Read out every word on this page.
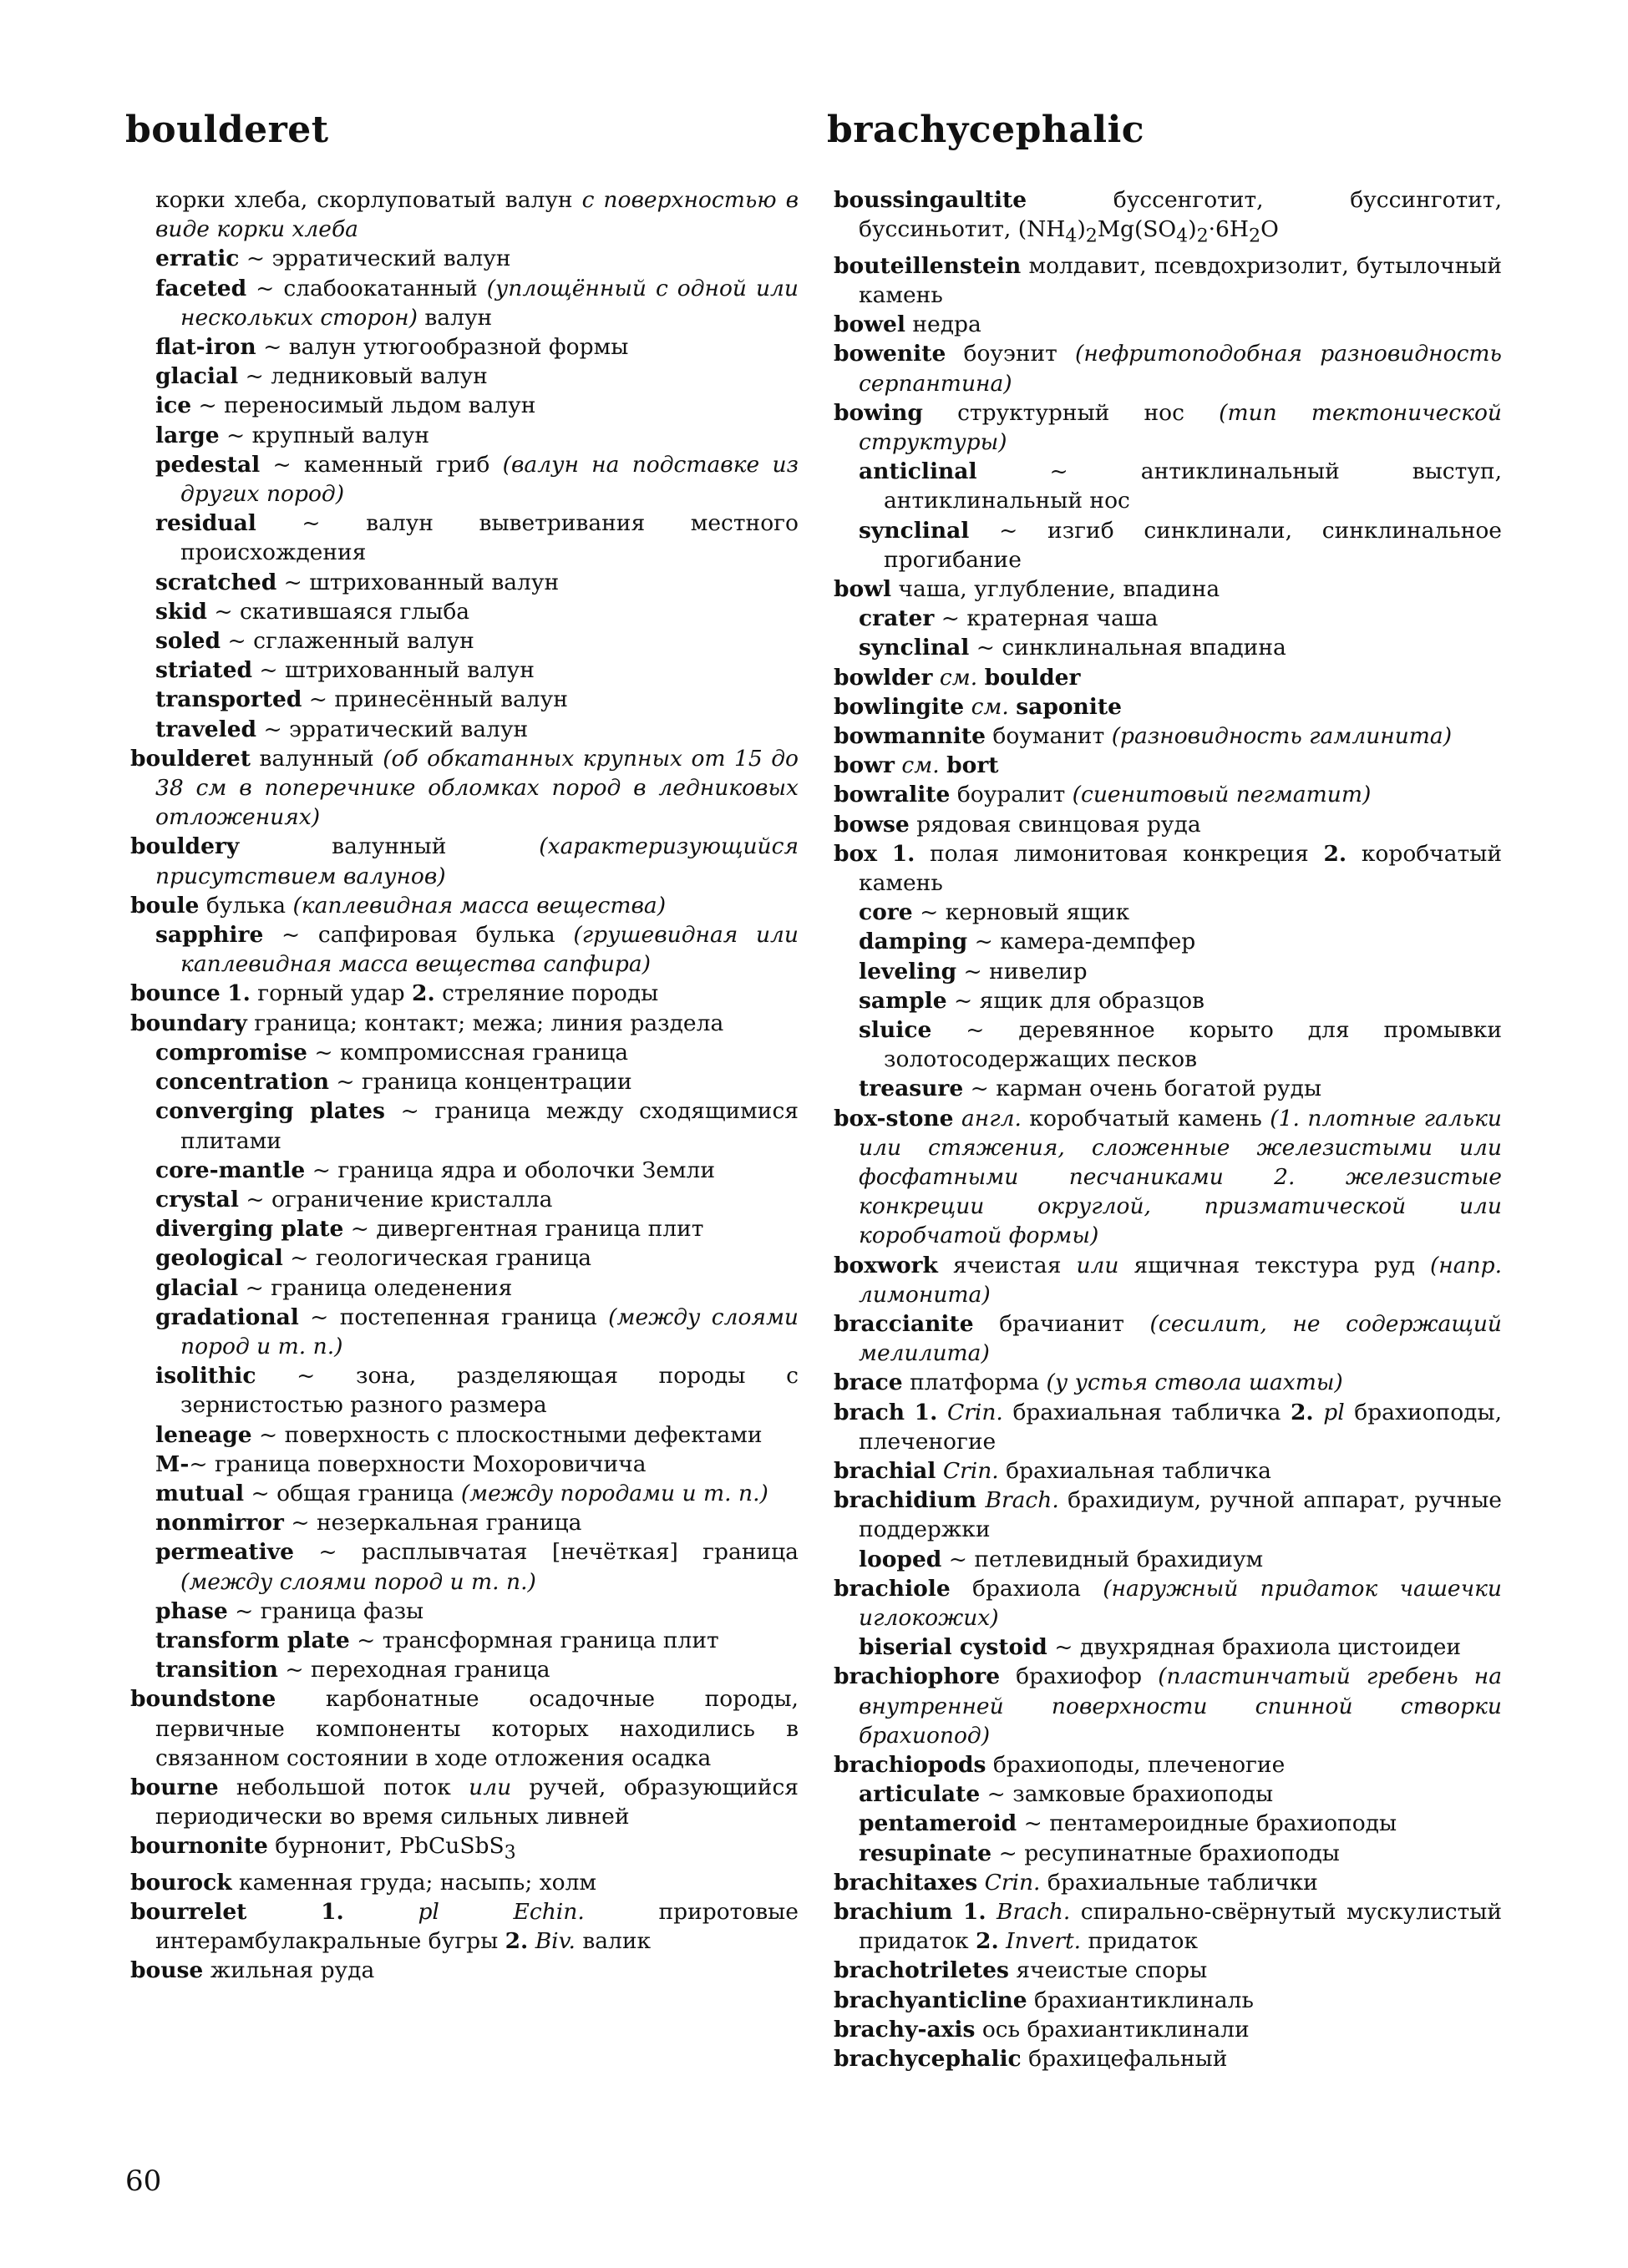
boulderet	brachycephalic
корки хлеба, скорлуповатый валун с поверхностью в виде корки хлеба
erratic ~ эрратический валун
faceted ~ слабоокатанный (уплощённый с одной или нескольких сторон) валун
flat-iron ~ валун утюгообразной формы
glacial ~ ледниковый валун
ice ~ переносимый льдом валун
large ~ крупный валун
pedestal ~ каменный гриб (валун на подставке из других пород)
residual ~ валун выветривания местного происхождения
scratched ~ штрихованный валун
skid ~ скатившаяся глыба
soled ~ сглаженный валун
striated ~ штрихованный валун
transported ~ принесённый валун
traveled ~ эрратический валун
boulderet валунный (об обкатанных крупных от 15 до 38 см в поперечнике обломках пород в ледниковых отложениях)
bouldery валунный (характеризующийся присутствием валунов)
boule булька (каплевидная масса вещества)
sapphire ~ сапфировая булька (грушевидная или каплевидная масса вещества сапфира)
bounce 1. горный удар 2. стреляние породы
boundary граница; контакт; межа; линия раздела
compromise ~ компромиссная граница
concentration ~ граница концентрации
converging plates ~ граница между сходящимися плитами
core-mantle ~ граница ядра и оболочки Земли
crystal ~ ограничение кристалла
diverging plate ~ дивергентная граница плит
geological ~ геологическая граница
glacial ~ граница оледенения
gradational ~ постепенная граница (между слоями пород и т. п.)
isolithic ~ зона, разделяющая породы с зернистостью разного размера
leneage ~ поверхность с плоскостными дефектами
M-~ граница поверхности Мохоровичича
mutual ~ общая граница (между породами и т. п.)
nonmirror ~ незеркальная граница
permeative ~ расплывчатая [нечёткая] граница (между слоями пород и т. п.)
phase ~ граница фазы
transform plate ~ трансформная граница плит
transition ~ переходная граница
boundstone карбонатные осадочные породы, первичные компоненты которых находились в связанном состоянии в ходе отложения осадка
bourne небольшой поток или ручей, образующийся периодически во время сильных ливней
bournonite бурнонит, PbCuSbS$_3$
bourock каменная груда; насыпь; холм
bourrelet	1.	pl Echin. приротовые интерамбулакральные бугры 2. Biv. валик
bouse жильная руда
boussingaultite буссенготит, буссинготит, буссиньотит, $(NH_4)_2Mg(SO_4)_2\cdot 6H_2O$
bouteillenstein молдавит, псевдохризолит, бутылочный камень
bowel недра
bowenite боуэнит (нефритоподобная разновидность серпантина)
bowing структурный нос (тип тектонической структуры)
anticlinal ~ антиклинальный выступ, антиклинальный нос
synclinal ~ изгиб синклинали, синклинальное прогибание
bowl чаша, углубление, впадина
crater ~ кратерная чаша
synclinal ~ синклинальная впадина
bowlder см. boulder
bowlingite см. saponite
bowmannite боуманит (разновидность гамлинита)
bowr см. bort
bowralite боуралит (сиенитовый пегматит)
bowse рядовая свинцовая руда
box 1. полая лимонитовая конкреция 2. коробчатый камень
core ~ керновый ящик
damping ~ камера-демпфер
leveling ~ нивелир
sample ~ ящик для образцов
sluice ~ деревянное корыто для промывки золотосодержащих песков
treasure ~ карман очень богатой руды
box-stone англ. коробчатый камень (1. плотные гальки или стяжения, сложенные железистыми или фосфатными песчаниками 2. железистые конкреции округлой, призматической или коробчатой формы)
boxwork ячеистая или ящичная текстура руд (напр. лимонита)
braccianite брачианит (сесилит, не содержащий мелилита)
brace платформа (у устья ствола шахты)
brach 1. Crin. брахиальная табличка 2. pl брахиоподы, плеченогие
brachial Crin. брахиальная табличка
brachidium Brach. брахидиум, ручной аппарат, ручные поддержки
looped ~ петлевидный брахидиум
brachiole брахиола (наружный придаток чашечки иглокожих)
biserial cystoid ~ двухрядная брахиола цистоидеи
brachiophore брахиофор (пластинчатый гребень на внутренней поверхности спинной створки брахиопод)
brachiopods брахиоподы, плеченогие
articulate ~ замковые брахиоподы
pentameroid ~ пентамероидные брахиоподы
resupinate ~ ресупинатные брахиоподы
brachitaxes Crin. брахиальные таблички
brachium 1. Brach. спирально-свёрнутый мускулистый придаток 2. Invert. придаток
brachotriletes ячеистые споры
brachyanticline брахиантиклиналь
brachy-axis ось брахиантиклинали
brachycephalic брахицефальный
60
